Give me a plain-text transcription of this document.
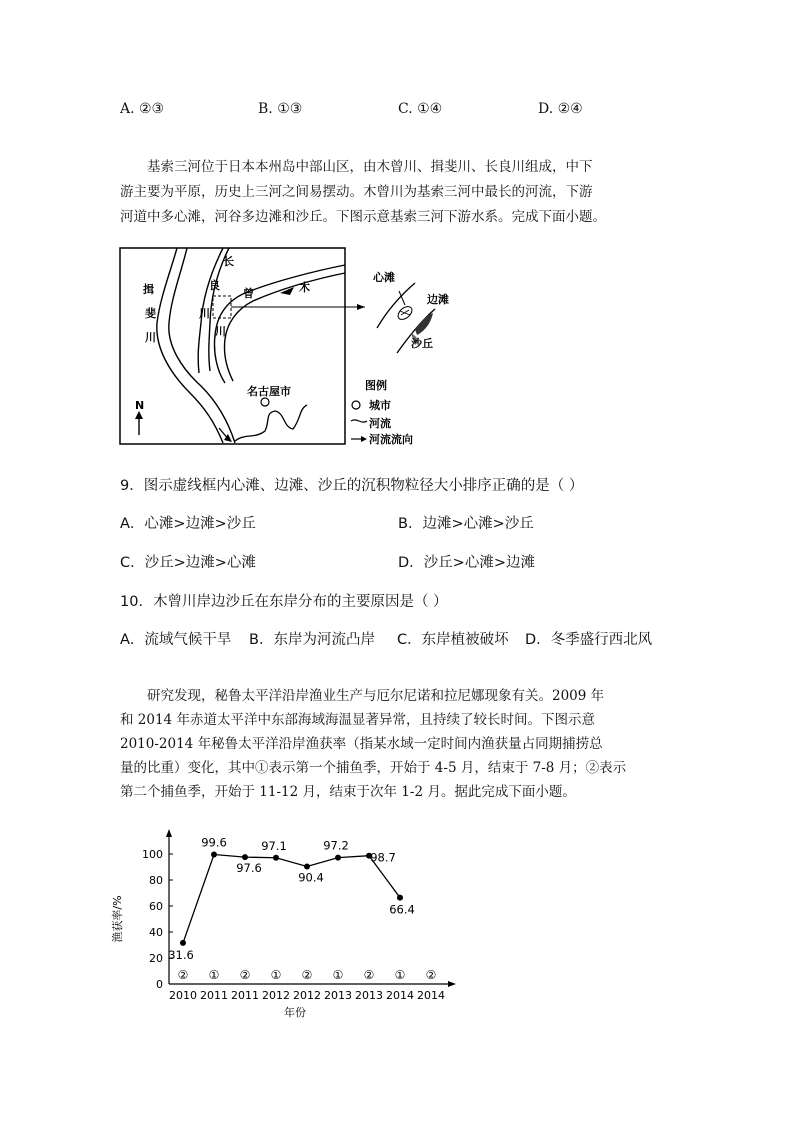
A. ②③	B. ①③	C. ①④	D. ②④
基索三河位于日本本州岛中部山区，由木曾川、揖斐川、长良川组成，中下
游主要为平原，历史上三河之间易摆动。木曾川为基索三河中最长的河流，下游
河道中多心滩，河谷多边滩和沙丘。下图示意基索三河下游水系。完成下面小题。
N
揖
斐
川
长
良
川
川
曾	木
名古屋市
心滩
边滩
沙丘
图例
城市
河流
河流流向
9．图示虚线框内心滩、边滩、沙丘的沉积物粒径大小排序正确的是（ ）
A．心滩>边滩>沙丘	B．边滩>心滩>沙丘
C．沙丘>边滩>心滩	D．沙丘>心滩>边滩
10．木曾川岸边沙丘在东岸分布的主要原因是（ ）
A．流域气候干旱 B．东岸为河流凸岸 C．东岸植被破坏 D．冬季盛行西北风
研究发现，秘鲁太平洋沿岸渔业生产与厄尔尼诺和拉尼娜现象有关。2009 年
和 2014 年赤道太平洋中东部海域海温显著异常，且持续了较长时间。下图示意
2010-2014 年秘鲁太平洋沿岸渔获率（指某水域一定时间内渔获量占同期捕捞总
量的比重）变化，其中①表示第一个捕鱼季，开始于 4-5 月，结束于 7-8 月；②表示
第二个捕鱼季，开始于 11-12 月，结束于次年 1-2 月。据此完成下面小题。
0
20
40
60
80
100
渔获率/%
②
2010
①
2011
②
2011
①
2012
②
2012
①
2013
②
2013
①
2014
②
2014
年份
31.6
99.6
97.6
97.1
90.4
97.2
98.7
66.4
